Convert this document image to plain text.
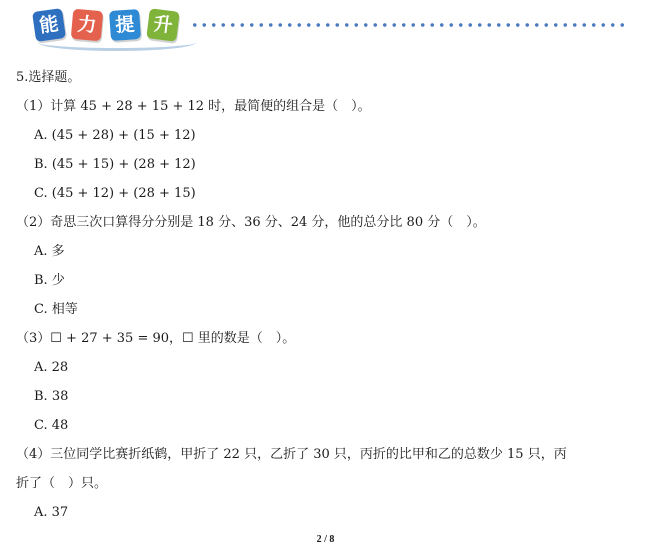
能 力 提 升
5.选择题。
（1）计算 45 + 28 + 15 + 12 时，最简便的组合是（　）。
A. (45 + 28) + (15 + 12)
B. (45 + 15) + (28 + 12)
C. (45 + 12) + (28 + 15)
（2）奇思三次口算得分分别是 18 分、36 分、24 分，他的总分比 80 分（　）。
A. 多
B. 少
C. 相等
（3）☐ + 27 + 35 = 90，☐ 里的数是（　）。
A. 28
B. 38
C. 48
（4）三位同学比赛折纸鹤，甲折了 22 只，乙折了 30 只，丙折的比甲和乙的总数少 15 只，丙
折了（　）只。
A. 37
2 / 8
